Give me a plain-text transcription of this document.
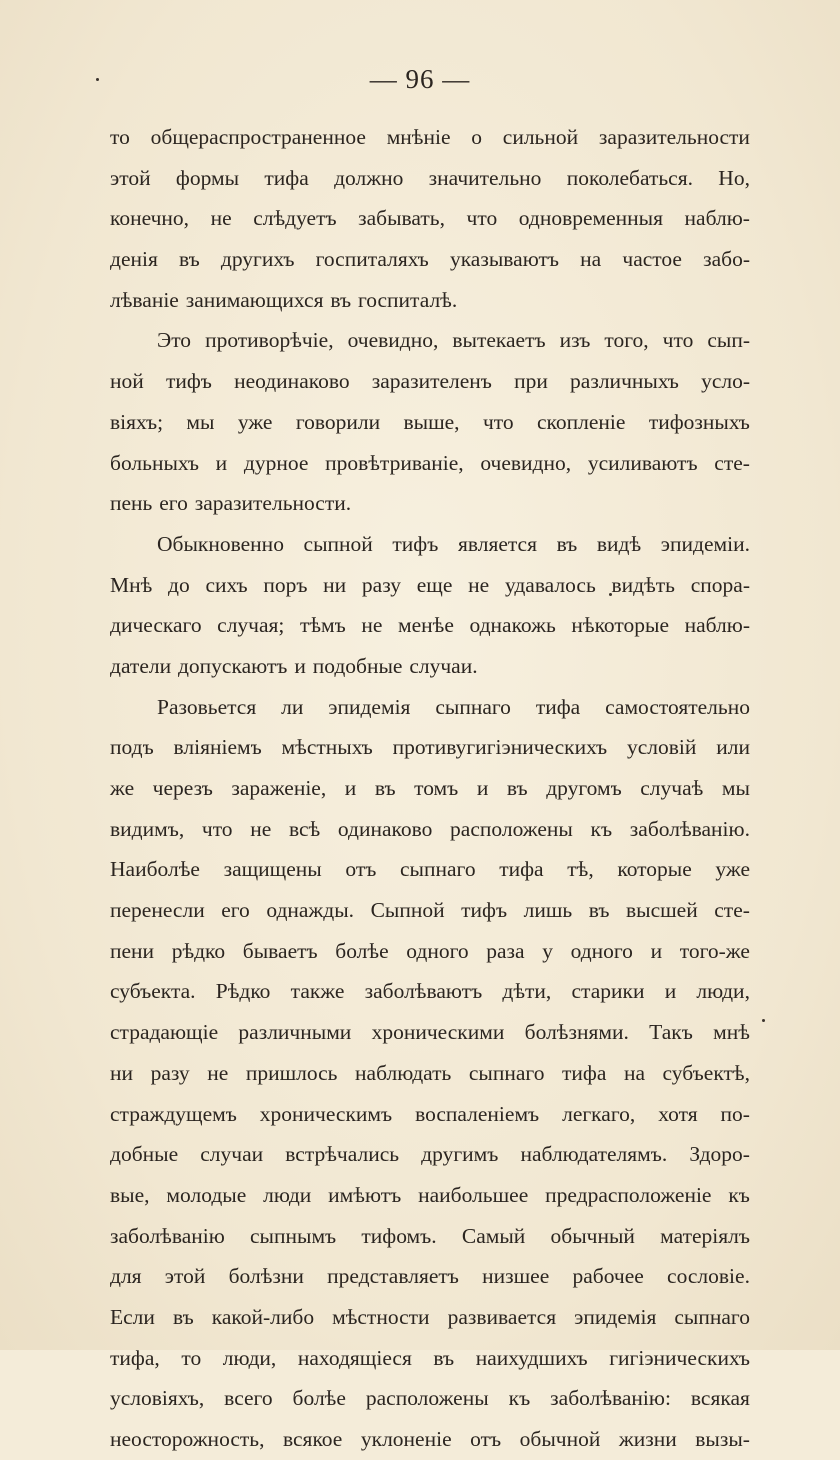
— 96 —
то общераспространенное мнѣніе о сильной заразительности
этой формы тифа должно значительно поколебаться. Но,
конечно, не слѣдуетъ забывать, что одновременныя наблю-
денія въ другихъ госпиталяхъ указываютъ на частое забо-
лѣваніе занимающихся въ госпиталѣ.
Это противорѣчіе, очевидно, вытекаетъ изъ того, что сып-
ной тифъ неодинаково заразителенъ при различныхъ усло-
віяхъ; мы уже говорили выше, что скопленіе тифозныхъ
больныхъ и дурное провѣтриваніе, очевидно, усиливаютъ сте-
пень его заразительности.
Обыкновенно сыпной тифъ является въ видѣ эпидеміи.
Мнѣ до сихъ поръ ни разу еще не удавалось видѣть спора-
дическаго случая; тѣмъ не менѣе однакожь нѣкоторые наблю-
датели допускаютъ и подобные случаи.
Разовьется ли эпидемія сыпнаго тифа самостоятельно
подъ вліяніемъ мѣстныхъ противугигіэническихъ условій или
же черезъ зараженіе, и въ томъ и въ другомъ случаѣ мы
видимъ, что не всѣ одинаково расположены къ заболѣванію.
Наиболѣе защищены отъ сыпнаго тифа тѣ, которые уже
перенесли его однажды. Сыпной тифъ лишь въ высшей сте-
пени рѣдко бываетъ болѣе одного раза у одного и того-же
субъекта. Рѣдко также заболѣваютъ дѣти, старики и люди,
страдающіе различными хроническими болѣзнями. Такъ мнѣ
ни разу не пришлось наблюдать сыпнаго тифа на субъектѣ,
страждущемъ хроническимъ воспаленіемъ легкаго, хотя по-
добные случаи встрѣчались другимъ наблюдателямъ. Здоро-
вые, молодые люди имѣютъ наибольшее предрасположеніе къ
заболѣванію сыпнымъ тифомъ. Самый обычный матеріялъ
для этой болѣзни представляетъ низшее рабочее сословіе.
Если въ какой-либо мѣстности развивается эпидемія сыпнаго
тифа, то люди, находящіеся въ наихудшихъ гигіэническихъ
условіяхъ, всего болѣе расположены къ заболѣванію: всякая
неосторожность, всякое уклоненіе отъ обычной жизни вызы-
